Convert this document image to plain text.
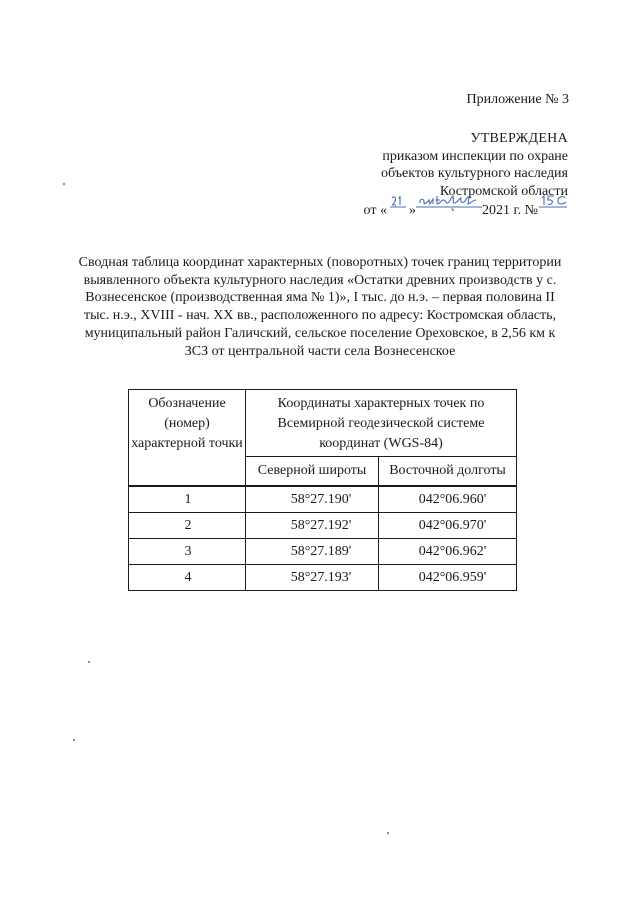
Приложение № 3
УТВЕРЖДЕНА
приказом инспекции по охране
объектов культурного наследия
Костромской области
от « »	2021 г. №
Сводная таблица координат характерных (поворотных) точек границ территории выявленного объекта культурного наследия «Остатки древних производств у с. Вознесенское (производственная яма № 1)», I тыс. до н.э. – первая половина II тыс. н.э., XVIII - нач. XX вв., расположенного по адресу: Костромская область, муниципальный район Галичский, сельское поселение Ореховское, в 2,56 км к ЗСЗ от центральной части села Вознесенское
Обозначение (номер) характерной точки	Координаты характерных точек по Всемирной геодезической системе координат (WGS-84)	
	Северной широты	Восточной долготы
1	58°27.190'	042°06.960'
2	58°27.192'	042°06.970'
3	58°27.189'	042°06.962'
4	58°27.193'	042°06.959'
